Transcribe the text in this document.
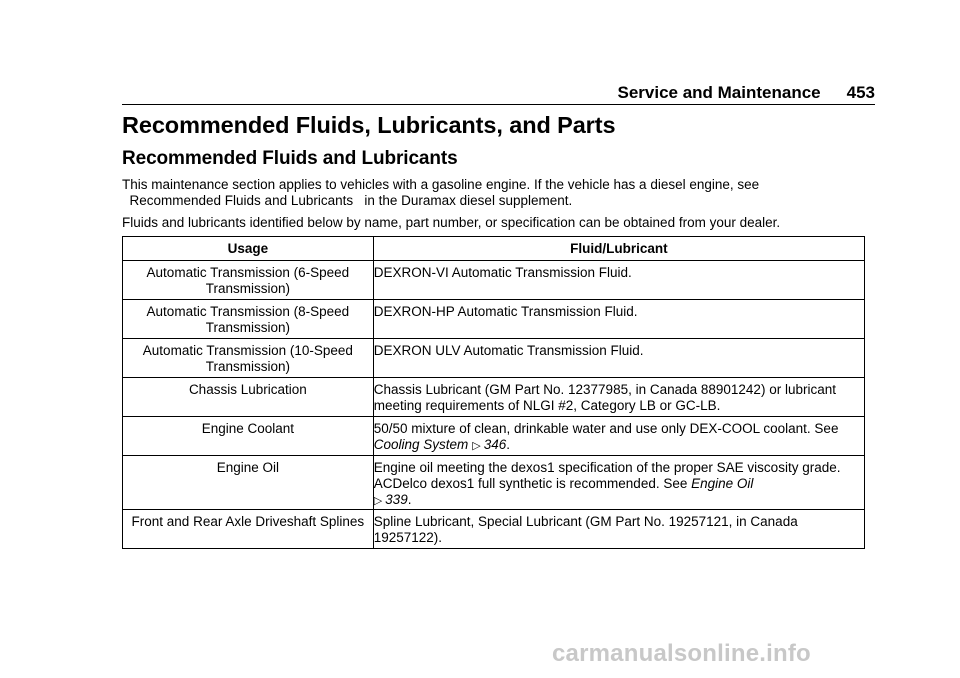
Service and Maintenance 453
Recommended Fluids, Lubricants, and Parts
Recommended Fluids and Lubricants
This maintenance section applies to vehicles with a gasoline engine. If the vehicle has a diesel engine, see
Recommended Fluids and Lubricants   in the Duramax diesel supplement.
Fluids and lubricants identified below by name, part number, or specification can be obtained from your dealer.
Usage	Fluid/Lubricant
Automatic Transmission (6-Speed Transmission)	DEXRON-VI Automatic Transmission Fluid.
Automatic Transmission (8-Speed Transmission)	DEXRON-HP Automatic Transmission Fluid.
Automatic Transmission (10-Speed Transmission)	DEXRON ULV Automatic Transmission Fluid.
Chassis Lubrication	Chassis Lubricant (GM Part No. 12377985, in Canada 88901242) or lubricant meeting requirements of NLGI #2, Category LB or GC-LB.
Engine Coolant	50/50 mixture of clean, drinkable water and use only DEX-COOL coolant. See Cooling System ▷ 346.
Engine Oil	Engine oil meeting the dexos1 specification of the proper SAE viscosity grade. ACDelco dexos1 full synthetic is recommended. See Engine Oil
▷ 339.
Front and Rear Axle Driveshaft Splines	Spline Lubricant, Special Lubricant (GM Part No. 19257121, in Canada 19257122).
carmanualsonline.info
